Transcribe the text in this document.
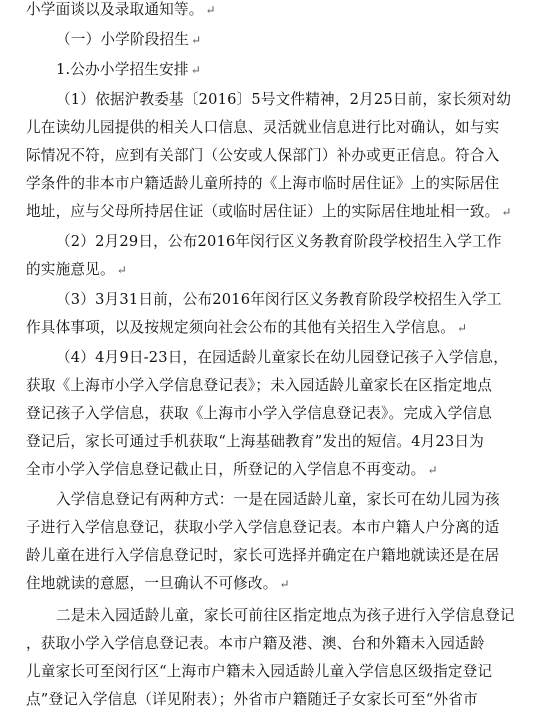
小学面谈以及录取通知等。 ↵
（一）小学阶段招生 ↵
1.公办小学招生安排 ↵
（1）依据沪教委基〔2016〕5号文件精神，2月25日前，家长须对幼
儿在读幼儿园提供的相关人口信息、灵活就业信息进行比对确认，如与实
际情况不符，应到有关部门（公安或人保部门）补办或更正信息。符合入
学条件的非本市户籍适龄儿童所持的《上海市临时居住证》上的实际居住
地址，应与父母所持居住证（或临时居住证）上的实际居住地址相一致。 ↵
（2）2月29日，公布2016年闵行区义务教育阶段学校招生入学工作
的实施意见。 ↵
（3）3月31日前，公布2016年闵行区义务教育阶段学校招生入学工
作具体事项，以及按规定须向社会公布的其他有关招生入学信息。 ↵
（4）4月9日-23日，在园适龄儿童家长在幼儿园登记孩子入学信息，
获取《上海市小学入学信息登记表》；未入园适龄儿童家长在区指定地点
登记孩子入学信息，获取《上海市小学入学信息登记表》。完成入学信息
登记后，家长可通过手机获取“上海基础教育”发出的短信。4月23日为
全市小学入学信息登记截止日，所登记的入学信息不再变动。 ↵
入学信息登记有两种方式：一是在园适龄儿童，家长可在幼儿园为孩
子进行入学信息登记，获取小学入学信息登记表。本市户籍人户分离的适
龄儿童在进行入学信息登记时，家长可选择并确定在户籍地就读还是在居
住地就读的意愿，一旦确认不可修改。 ↵
二是未入园适龄儿童，家长可前往区指定地点为孩子进行入学信息登记
，获取小学入学信息登记表。本市户籍及港、澳、台和外籍未入园适龄
儿童家长可至闵行区“上海市户籍未入园适龄儿童入学信息区级指定登记
点”登记入学信息（详见附表）；外省市户籍随迁子女家长可至“外省市
